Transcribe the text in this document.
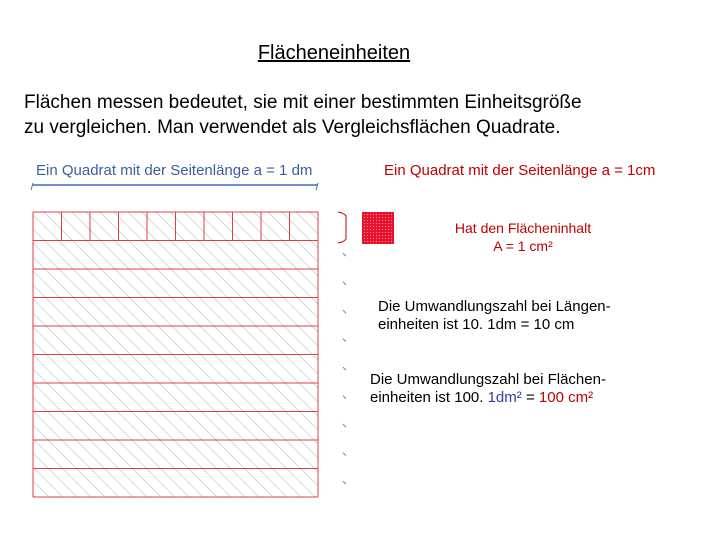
Flächeneinheiten
Flächen messen bedeutet, sie mit einer bestimmten Einheitsgröße
zu vergleichen. Man verwendet als Vergleichsflächen Quadrate.
Ein Quadrat mit der Seitenlänge a = 1 dm	Ein Quadrat mit der Seitenlänge a = 1cm
Hat den Flächeninhalt
A = 1 cm²
Die Umwandlungszahl bei Längen-
einheiten ist 10. 1dm = 10 cm
Die Umwandlungszahl bei Flächen-
einheiten ist 100. 1dm² = 100 cm²
